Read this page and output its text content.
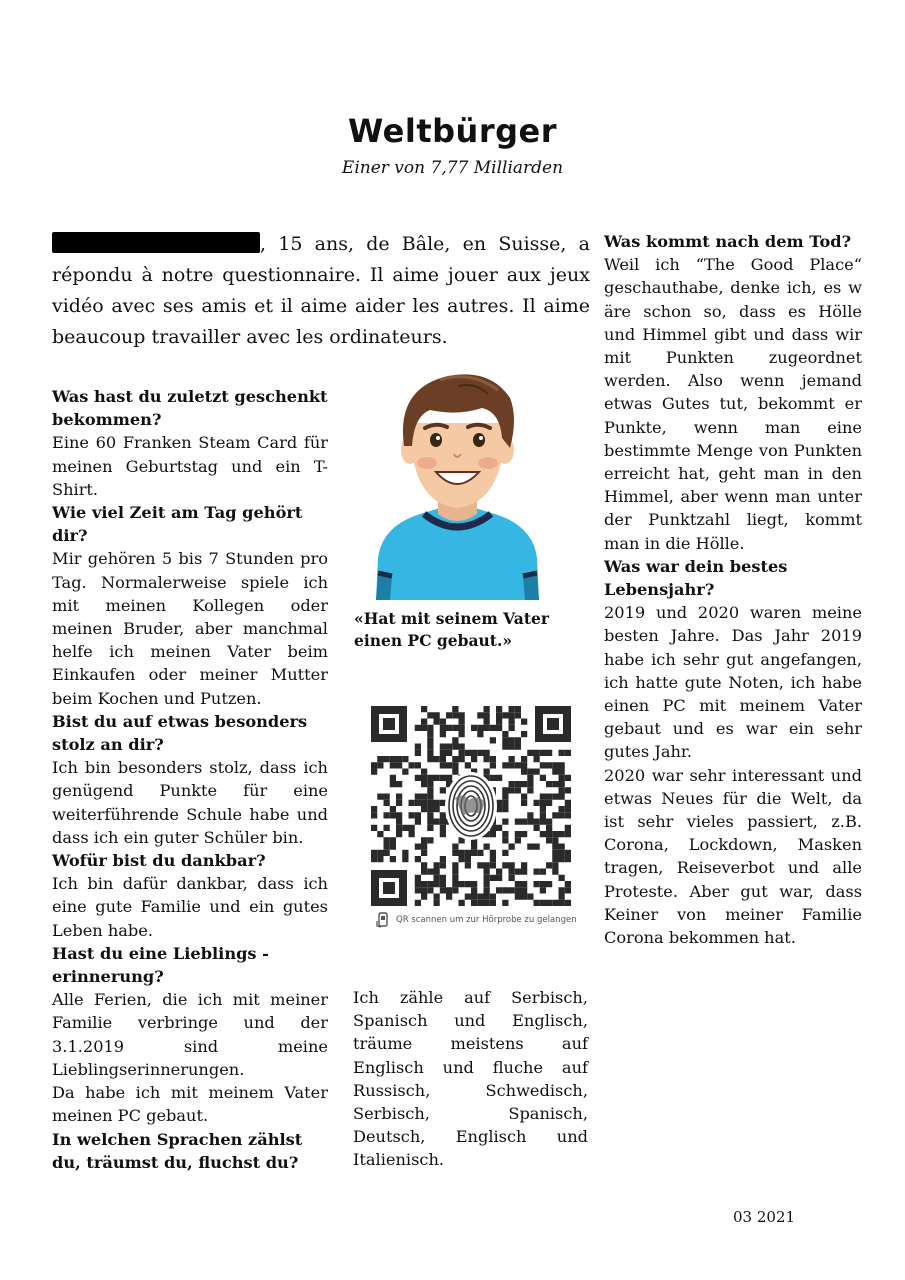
Weltbürger
Einer von 7,77 Milliarden
, 15 ans, de Bâle, en Suisse, a répondu à notre questionnaire. Il aime jouer aux jeux vidéo avec ses amis et il aime aider les autres. Il aime beaucoup travailler avec les ordinateurs.

Was hast du zuletzt geschenkt bekommen?

Eine 60 Franken Steam Card für meinen Geburtstag und ein T-Shirt.

Wie viel Zeit am Tag gehört dir?

Mir gehören 5 bis 7 Stunden pro Tag. Normalerweise spiele ich mit meinen Kollegen oder meinen Bruder, aber manchmal helfe ich meinen Vater beim Einkaufen oder meiner Mutter beim Kochen und Putzen.

Bist du auf etwas besonders stolz an dir?

Ich bin besonders stolz, dass ich genügend Punkte für eine weiterführende Schule habe und dass ich ein guter Schüler bin.

Wofür bist du dankbar?

Ich bin dafür dankbar, dass ich eine gute Familie und ein gutes Leben habe.

Hast du eine Lieblings - erinnerung?

Alle Ferien, die ich mit meiner Familie verbringe und der 3.1.2019 sind meine Lieblingserinnerungen.

Da habe ich mit meinem Vater meinen PC gebaut.

In welchen Sprachen zählst du, träumst du, fluchst du?

«Hat mit seinem Vater einen PC gebaut.»
QR scannen um zur Hörprobe zu gelangen

Ich zähle auf Serbisch, Spanisch und Englisch, träume meistens auf Englisch und fluche auf Russisch, Schwedisch, Serbisch, Spanisch, Deutsch, Englisch und Italienisch.

Was kommt nach dem Tod?

Weil ich “The Good Place“ geschauthabe, denke ich, es w äre schon so, dass es Hölle und Himmel gibt und dass wir mit Punkten zugeordnet werden. Also wenn jemand etwas Gutes tut, bekommt er Punkte, wenn man eine bestimmte Menge von Punkten erreicht hat, geht man in den Himmel, aber wenn man unter der Punktzahl liegt, kommt man in die Hölle.

Was war dein bestes Lebensjahr?

2019 und 2020 waren meine besten Jahre. Das Jahr 2019 habe ich sehr gut angefangen, ich hatte gute Noten, ich habe einen PC mit meinem Vater gebaut und es war ein sehr gutes Jahr.

2020 war sehr interessant und etwas Neues für die Welt, da ist sehr vieles passiert, z.B. Corona, Lockdown, Masken tragen, Reiseverbot und alle Proteste. Aber gut war, dass Keiner von meiner Familie Corona bekommen hat.

03 2021
